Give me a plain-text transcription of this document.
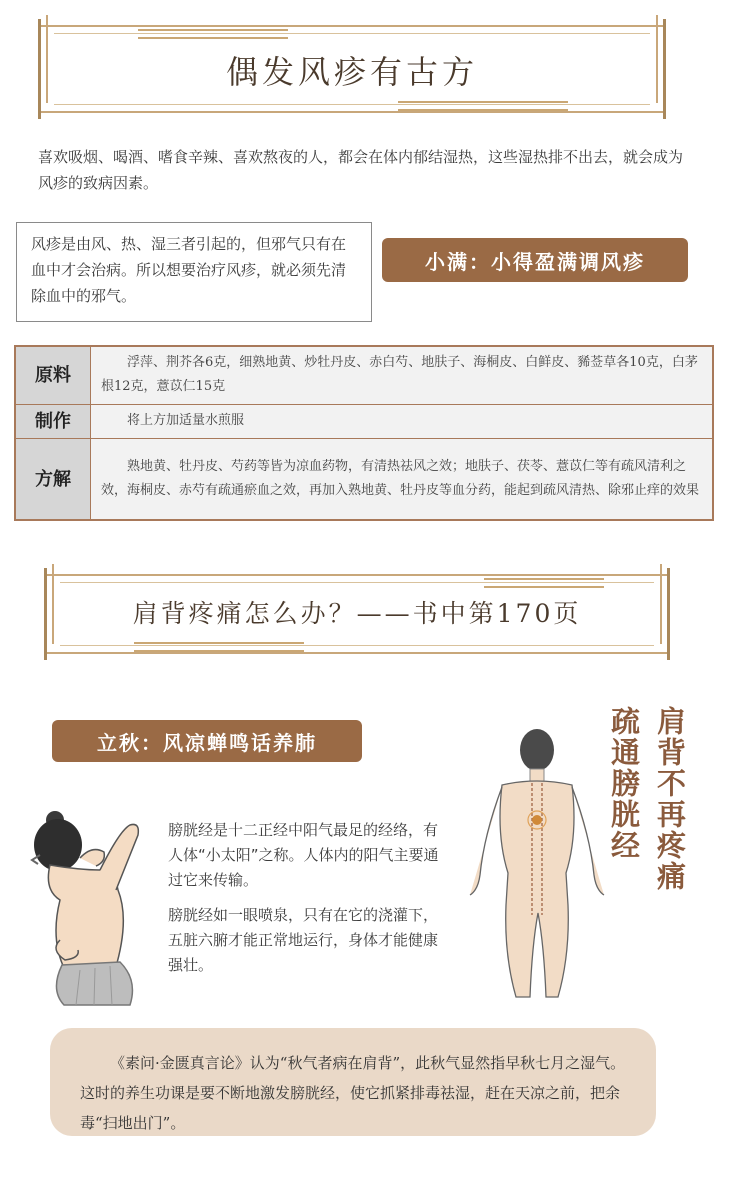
偶发风疹有古方
喜欢吸烟、喝酒、嗜食辛辣、喜欢熬夜的人，都会在体内郁结湿热，这些湿热排不出去，就会成为风疹的致病因素。
风疹是由风、热、湿三者引起的，但邪气只有在血中才会治病。所以想要治疗风疹，就必须先清除血中的邪气。
小满：小得盈满调风疹
原料	浮萍、荆芥各6克，细熟地黄、炒牡丹皮、赤白芍、地肤子、海桐皮、白鲜皮、豨莶草各10克，白茅根12克，薏苡仁15克
制作	将上方加适量水煎服
方解	熟地黄、牡丹皮、芍药等皆为凉血药物，有清热祛风之效；地肤子、茯苓、薏苡仁等有疏风清利之效，海桐皮、赤芍有疏通瘀血之效，再加入熟地黄、牡丹皮等血分药，能起到疏风清热、除邪止痒的效果
肩背疼痛怎么办？——书中第170页
立秋：风凉蝉鸣话养肺
膀胱经是十二正经中阳气最足的经络，有人体“小太阳”之称。人体内的阳气主要通过它来传输。
膀胱经如一眼喷泉，只有在它的浇灌下，五脏六腑才能正常地运行，身体才能健康强壮。
疏通膀胱经 肩背不再疼痛
《素问·金匮真言论》认为“秋气者病在肩背”，此秋气显然指早秋七月之湿气。这时的养生功课是要不断地激发膀胱经，使它抓紧排毒祛湿，赶在天凉之前，把余毒“扫地出门”。
